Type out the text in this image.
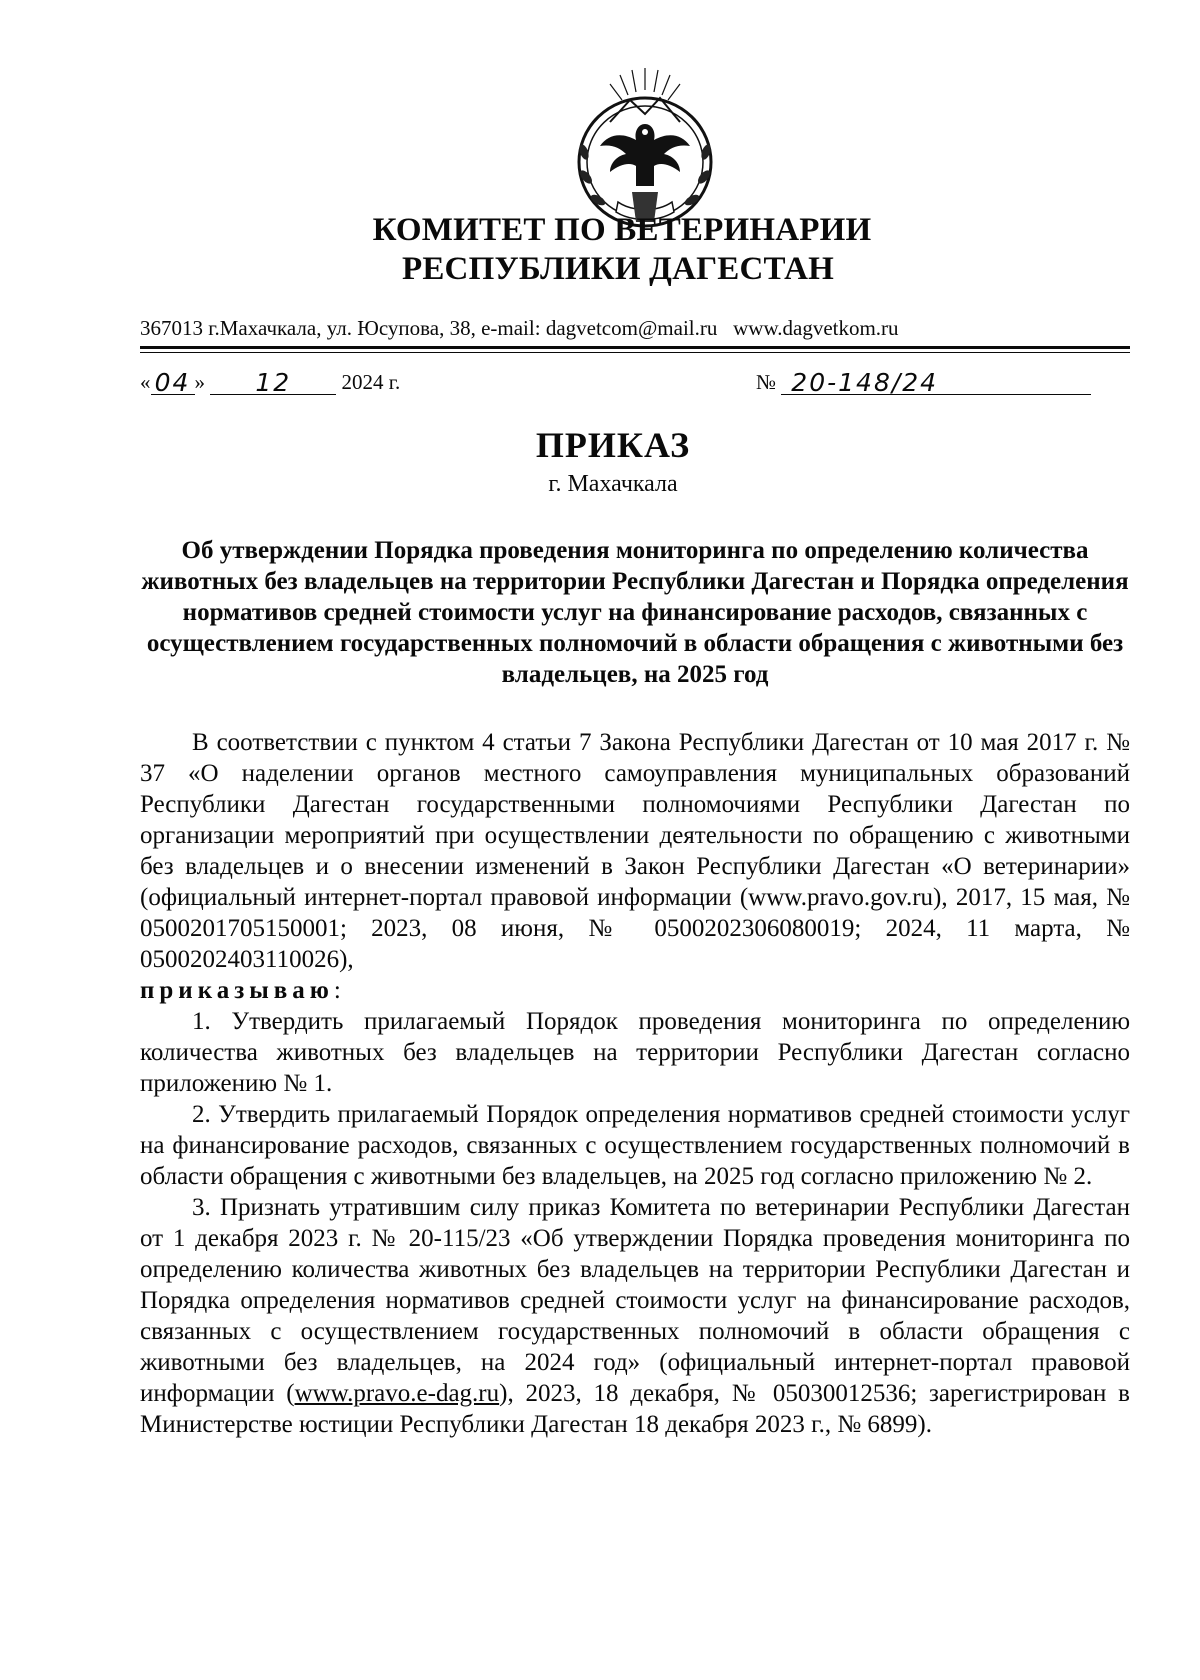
КОМИТЕТ ПО ВЕТЕРИНАРИИ
РЕСПУБЛИКИ ДАГЕСТАН
367013 г.Махачкала, ул. Юсупова, 38, e-mail: dagvetcom@mail.ru www.dagvetkom.ru
« 04 » 12 2024 г.	№ 20-148/24
ПРИКАЗ
г. Махачкала
Об утверждении Порядка проведения мониторинга по определению количества животных без владельцев на территории Республики Дагестан и Порядка определения нормативов средней стоимости услуг на финансирование расходов, связанных с осуществлением государственных полномочий в области обращения с животными без владельцев, на 2025 год

В соответствии с пунктом 4 статьи 7 Закона Республики Дагестан от 10 мая 2017 г. № 37 «О наделении органов местного самоуправления муниципальных образований Республики Дагестан государственными полномочиями Республики Дагестан по организации мероприятий при осуществлении деятельности по обращению с животными без владельцев и о внесении изменений в Закон Республики Дагестан «О ветеринарии» (официальный интернет-портал правовой информации (www.pravo.gov.ru), 2017, 15 мая, № 0500201705150001; 2023, 08 июня, № 0500202306080019; 2024, 11 марта, № 0500202403110026),

приказываю:

1. Утвердить прилагаемый Порядок проведения мониторинга по определению количества животных без владельцев на территории Республики Дагестан согласно приложению № 1.

2. Утвердить прилагаемый Порядок определения нормативов средней стоимости услуг на финансирование расходов, связанных с осуществлением государственных полномочий в области обращения с животными без владельцев, на 2025 год согласно приложению № 2.

3. Признать утратившим силу приказ Комитета по ветеринарии Республики Дагестан от 1 декабря 2023 г. № 20-115/23 «Об утверждении Порядка проведения мониторинга по определению количества животных без владельцев на территории Республики Дагестан и Порядка определения нормативов средней стоимости услуг на финансирование расходов, связанных с осуществлением государственных полномочий в области обращения с животными без владельцев, на 2024 год» (официальный интернет-портал правовой информации (www.pravo.e-dag.ru), 2023, 18 декабря, № 05030012536; зарегистрирован в Министерстве юстиции Республики Дагестан 18 декабря 2023 г., № 6899).
